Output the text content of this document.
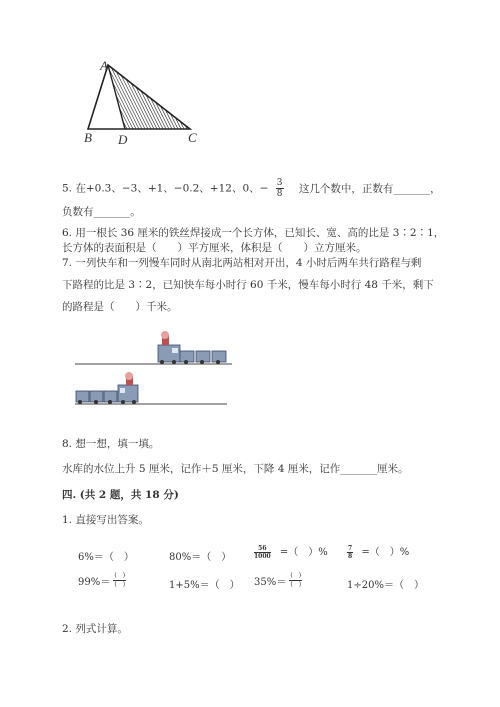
A
B D	C
5. 在+0.3、−3、+1、−0.2、+12、0、− $\frac{3}{8}$ 这几个数中，正数有_______，
负数有_______。
6. 用一根长 36 厘米的铁丝焊接成一个长方体，已知长、宽、高的比是 3∶2∶1，
长方体的表面积是（　　）平方厘米，体积是（　　）立方厘米。
7. 一列快车和一列慢车同时从南北两站相对开出，4 小时后两车共行路程与剩
下路程的比是 3∶2，已知快车每小时行 60 千米，慢车每小时行 48 千米，剩下
的路程是（　　）千米。
8. 想一想，填一填。
水库的水位上升 5 厘米，记作＋5 厘米，下降 4 厘米，记作_______厘米。
四. (共 2 题，共 18 分)
1. 直接写出答案。
6%＝（　）	80%＝（　）	$\frac{56}{1000}$ =（　）%	$\frac{7}{8}$ =（　）%
$99\%= \frac{( )}{( )}$	1+5%＝（　） $35\%= \frac{( )}{( )}$	1÷20%＝（　）
2. 列式计算。
